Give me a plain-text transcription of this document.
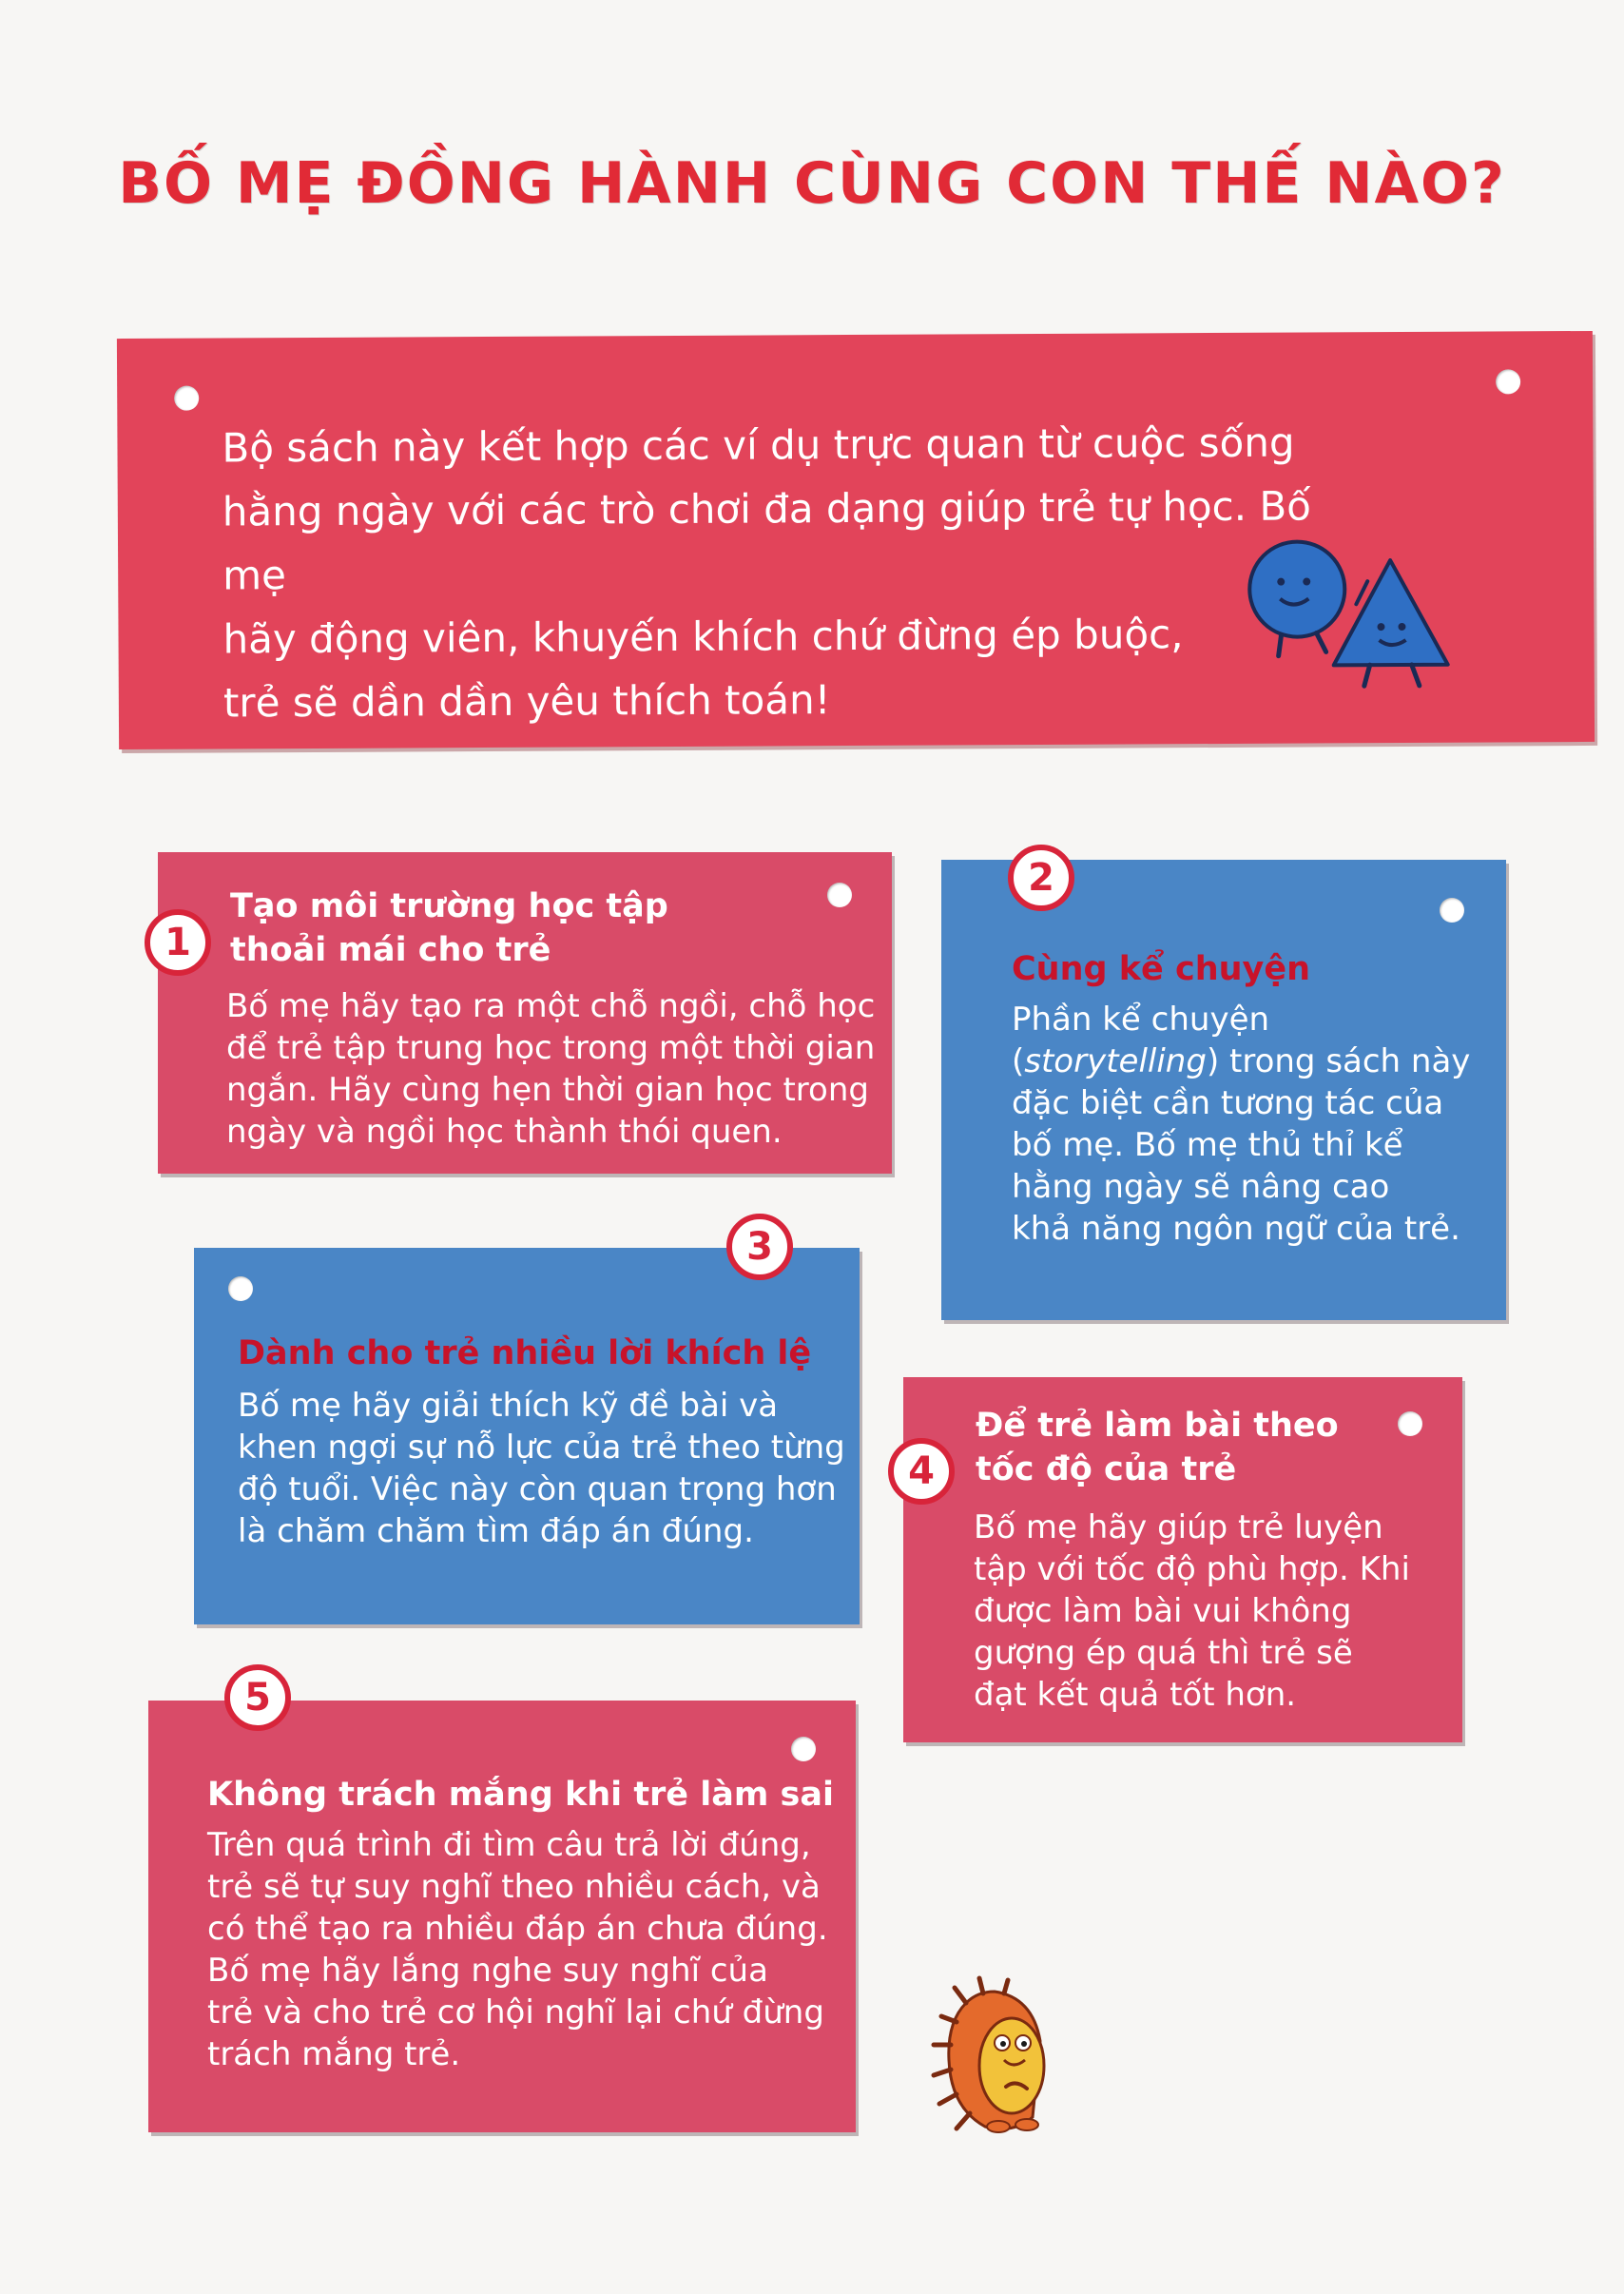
BỐ MẸ ĐỒNG HÀNH CÙNG CON THẾ NÀO?

Bộ sách này kết hợp các ví dụ trực quan từ cuộc sống
hằng ngày với các trò chơi đa dạng giúp trẻ tự học. Bố mẹ
hãy động viên, khuyến khích chứ đừng ép buộc,
trẻ sẽ dần dần yêu thích toán!

Tạo môi trường học tập
thoải mái cho trẻ

Bố mẹ hãy tạo ra một chỗ ngồi, chỗ học
để trẻ tập trung học trong một thời gian
ngắn. Hãy cùng hẹn thời gian học trong
ngày và ngồi học thành thói quen.

1
Cùng kể chuyện

Phần kể chuyện
(storytelling) trong sách này
đặc biệt cần tương tác của
bố mẹ. Bố mẹ thủ thỉ kể
hằng ngày sẽ nâng cao
khả năng ngôn ngữ của trẻ.

2
Dành cho trẻ nhiều lời khích lệ

Bố mẹ hãy giải thích kỹ đề bài và
khen ngợi sự nỗ lực của trẻ theo từng
độ tuổi. Việc này còn quan trọng hơn
là chăm chăm tìm đáp án đúng.

3
Để trẻ làm bài theo
tốc độ của trẻ

Bố mẹ hãy giúp trẻ luyện
tập với tốc độ phù hợp. Khi
được làm bài vui không
gượng ép quá thì trẻ sẽ
đạt kết quả tốt hơn.

4
Không trách mắng khi trẻ làm sai

Trên quá trình đi tìm câu trả lời đúng,
trẻ sẽ tự suy nghĩ theo nhiều cách, và
có thể tạo ra nhiều đáp án chưa đúng.
Bố mẹ hãy lắng nghe suy nghĩ của
trẻ và cho trẻ cơ hội nghĩ lại chứ đừng
trách mắng trẻ.

5
